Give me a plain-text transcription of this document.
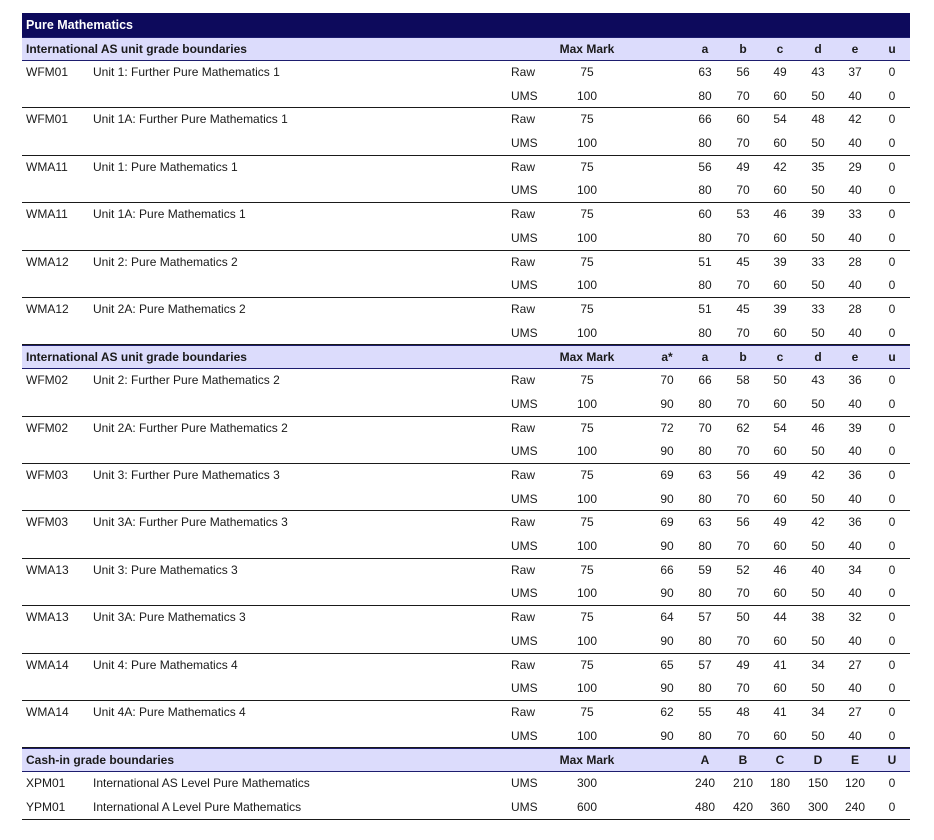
Pure Mathematics
International AS unit grade boundaries	Max Mark	a	b	c	d	e	u
WFM01 Unit 1: Further Pure Mathematics 1	Raw	75	63	56	49	43	37	0
UMS	100	80	70	60	50	40	0
WFM01 Unit 1A: Further Pure Mathematics 1	Raw	75	66	60	54	48	42	0
UMS	100	80	70	60	50	40	0
WMA11 Unit 1: Pure Mathematics 1	Raw	75	56	49	42	35	29	0
UMS	100	80	70	60	50	40	0
WMA11 Unit 1A: Pure Mathematics 1	Raw	75	60	53	46	39	33	0
UMS	100	80	70	60	50	40	0
WMA12 Unit 2: Pure Mathematics 2	Raw	75	51	45	39	33	28	0
UMS	100	80	70	60	50	40	0
WMA12 Unit 2A: Pure Mathematics 2	Raw	75	51	45	39	33	28	0
UMS	100	80	70	60	50	40	0
International AS unit grade boundaries	Max Mark	a*	a	b	c	d	e	u
WFM02 Unit 2: Further Pure Mathematics 2	Raw	75	70	66	58	50	43	36	0
UMS	100	90	80	70	60	50	40	0
WFM02 Unit 2A: Further Pure Mathematics 2	Raw	75	72	70	62	54	46	39	0
UMS	100	90	80	70	60	50	40	0
WFM03 Unit 3: Further Pure Mathematics 3	Raw	75	69	63	56	49	42	36	0
UMS	100	90	80	70	60	50	40	0
WFM03 Unit 3A: Further Pure Mathematics 3	Raw	75	69	63	56	49	42	36	0
UMS	100	90	80	70	60	50	40	0
WMA13 Unit 3: Pure Mathematics 3	Raw	75	66	59	52	46	40	34	0
UMS	100	90	80	70	60	50	40	0
WMA13 Unit 3A: Pure Mathematics 3	Raw	75	64	57	50	44	38	32	0
UMS	100	90	80	70	60	50	40	0
WMA14 Unit 4: Pure Mathematics 4	Raw	75	65	57	49	41	34	27	0
UMS	100	90	80	70	60	50	40	0
WMA14 Unit 4A: Pure Mathematics 4	Raw	75	62	55	48	41	34	27	0
UMS	100	90	80	70	60	50	40	0
Cash-in grade boundaries	Max Mark	A	B	C	D	E	U
XPM01 International AS Level Pure Mathematics	UMS	300	240	210	180	150	120	0
YPM01 International A Level Pure Mathematics	UMS	600	480	420	360	300	240	0
